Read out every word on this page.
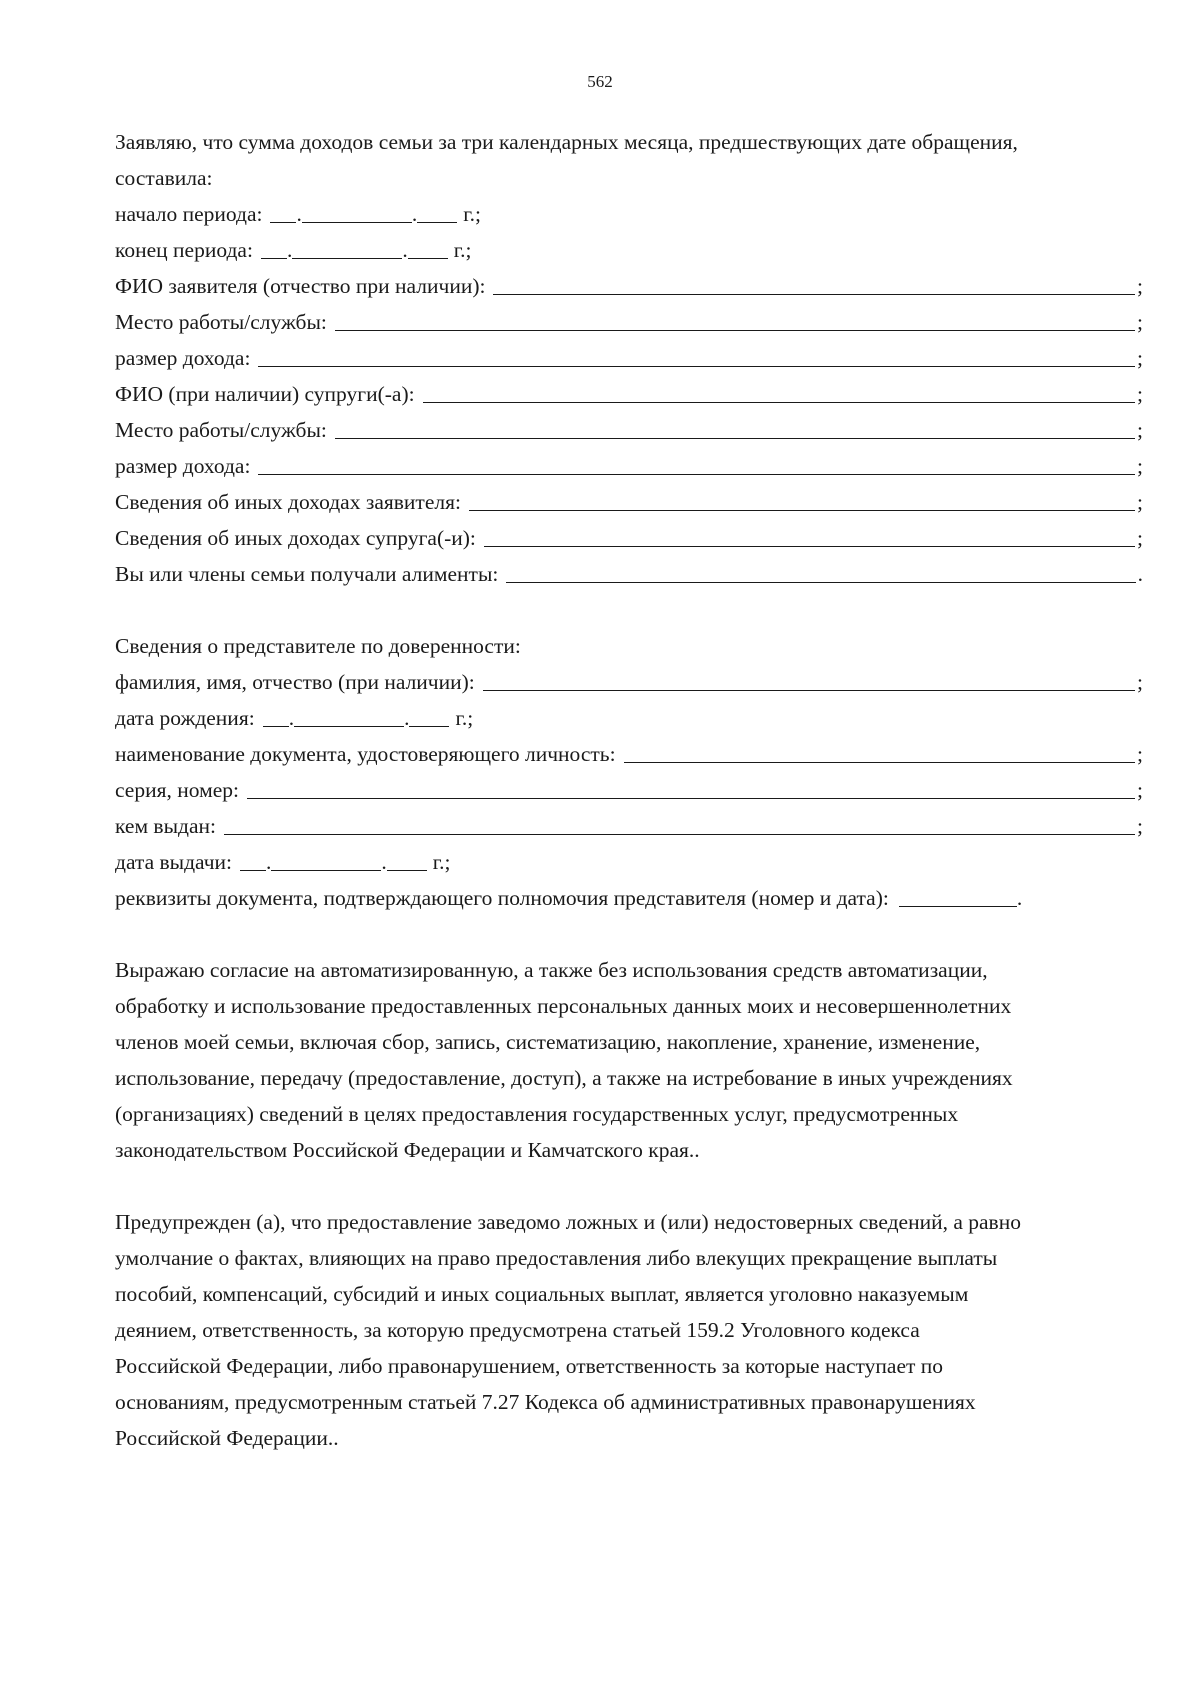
562
Заявляю, что сумма доходов семьи за три календарных месяца, предшествующих дате обращения,
составила:
начало периода: .	. г.;
конец периода: .	. г.;
ФИО заявителя (отчество при наличии):	;
Место работы/службы:	;
размер дохода:	;
ФИО (при наличии) супруги(-а):	;
Место работы/службы:	;
размер дохода:	;
Сведения об иных доходах заявителя:	;
Сведения об иных доходах супруга(-и):	;
Вы или члены семьи получали алименты:	.
Сведения о представителе по доверенности:
фамилия, имя, отчество (при наличии):	;
дата рождения: .	. г.;
наименование документа, удостоверяющего личность:	;
серия, номер:	;
кем выдан:	;
дата выдачи: .	. г.;
реквизиты документа, подтверждающего полномочия представителя (номер и дата):	.
Выражаю согласие на автоматизированную, а также без использования средств автоматизации,
обработку и использование предоставленных персональных данных моих и несовершеннолетних
членов моей семьи, включая сбор, запись, систематизацию, накопление, хранение, изменение,
использование, передачу (предоставление, доступ), а также на истребование в иных учреждениях
(организациях) сведений в целях предоставления государственных услуг, предусмотренных
законодательством Российской Федерации и Камчатского края..
Предупрежден (а), что предоставление заведомо ложных и (или) недостоверных сведений, а равно
умолчание о фактах, влияющих на право предоставления либо влекущих прекращение выплаты
пособий, компенсаций, субсидий и иных социальных выплат, является уголовно наказуемым
деянием, ответственность, за которую предусмотрена статьей 159.2 Уголовного кодекса
Российской Федерации, либо правонарушением, ответственность за которые наступает по
основаниям, предусмотренным статьей 7.27 Кодекса об административных правонарушениях
Российской Федерации..
